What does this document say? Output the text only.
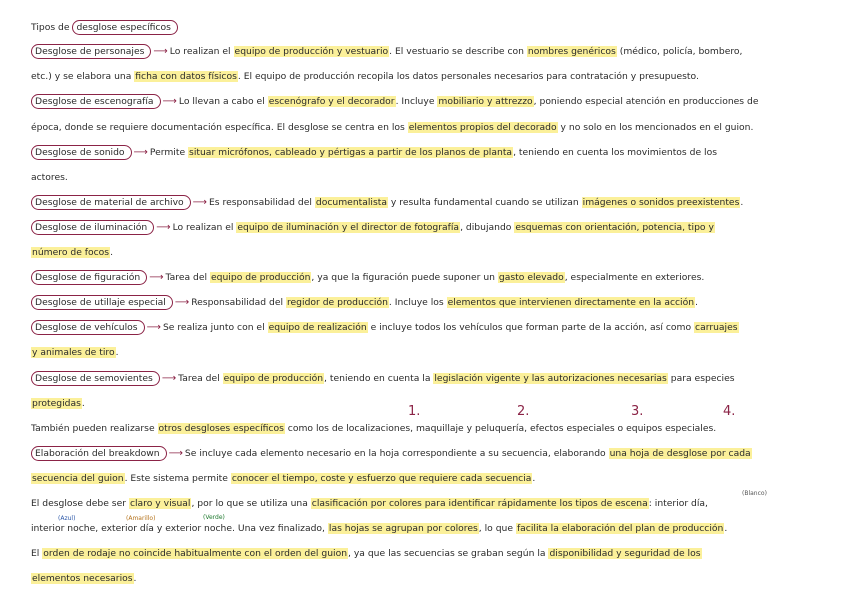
Tipos de desglose específicos
Desglose de personajes ⟶ Lo realizan el equipo de producción y vestuario. El vestuario se describe con nombres genéricos (médico, policía, bombero,
etc.) y se elabora una ficha con datos físicos. El equipo de producción recopila los datos personales necesarios para contratación y presupuesto.
Desglose de escenografía ⟶ Lo llevan a cabo el escenógrafo y el decorador. Incluye mobiliario y attrezzo, poniendo especial atención en producciones de
época, donde se requiere documentación específica. El desglose se centra en los elementos propios del decorado y no solo en los mencionados en el guion.
Desglose de sonido ⟶ Permite situar micrófonos, cableado y pértigas a partir de los planos de planta, teniendo en cuenta los movimientos de los
actores.
Desglose de material de archivo ⟶ Es responsabilidad del documentalista y resulta fundamental cuando se utilizan imágenes o sonidos preexistentes.
Desglose de iluminación ⟶ Lo realizan el equipo de iluminación y el director de fotografía, dibujando esquemas con orientación, potencia, tipo y
número de focos.
Desglose de figuración ⟶ Tarea del equipo de producción, ya que la figuración puede suponer un gasto elevado, especialmente en exteriores.
Desglose de utillaje especial ⟶ Responsabilidad del regidor de producción. Incluye los elementos que intervienen directamente en la acción.
Desglose de vehículos ⟶ Se realiza junto con el equipo de realización e incluye todos los vehículos que forman parte de la acción, así como carruajes
y animales de tiro.
Desglose de semovientes ⟶ Tarea del equipo de producción, teniendo en cuenta la legislación vigente y las autorizaciones necesarias para especies
protegidas.
1.	2.	3.	4.
También pueden realizarse otros desgloses específicos como los de localizaciones, maquillaje y peluquería, efectos especiales o equipos especiales.
Elaboración del breakdown ⟶ Se incluye cada elemento necesario en la hoja correspondiente a su secuencia, elaborando una hoja de desglose por cada
secuencia del guion. Este sistema permite conocer el tiempo, coste y esfuerzo que requiere cada secuencia.
(Blanco)
(Azul)	(Amarillo)	(Verde)
El desglose debe ser claro y visual, por lo que se utiliza una clasificación por colores para identificar rápidamente los tipos de escena: interior día,
interior noche, exterior día y exterior noche. Una vez finalizado, las hojas se agrupan por colores, lo que facilita la elaboración del plan de producción.
El orden de rodaje no coincide habitualmente con el orden del guion, ya que las secuencias se graban según la disponibilidad y seguridad de los
elementos necesarios.
